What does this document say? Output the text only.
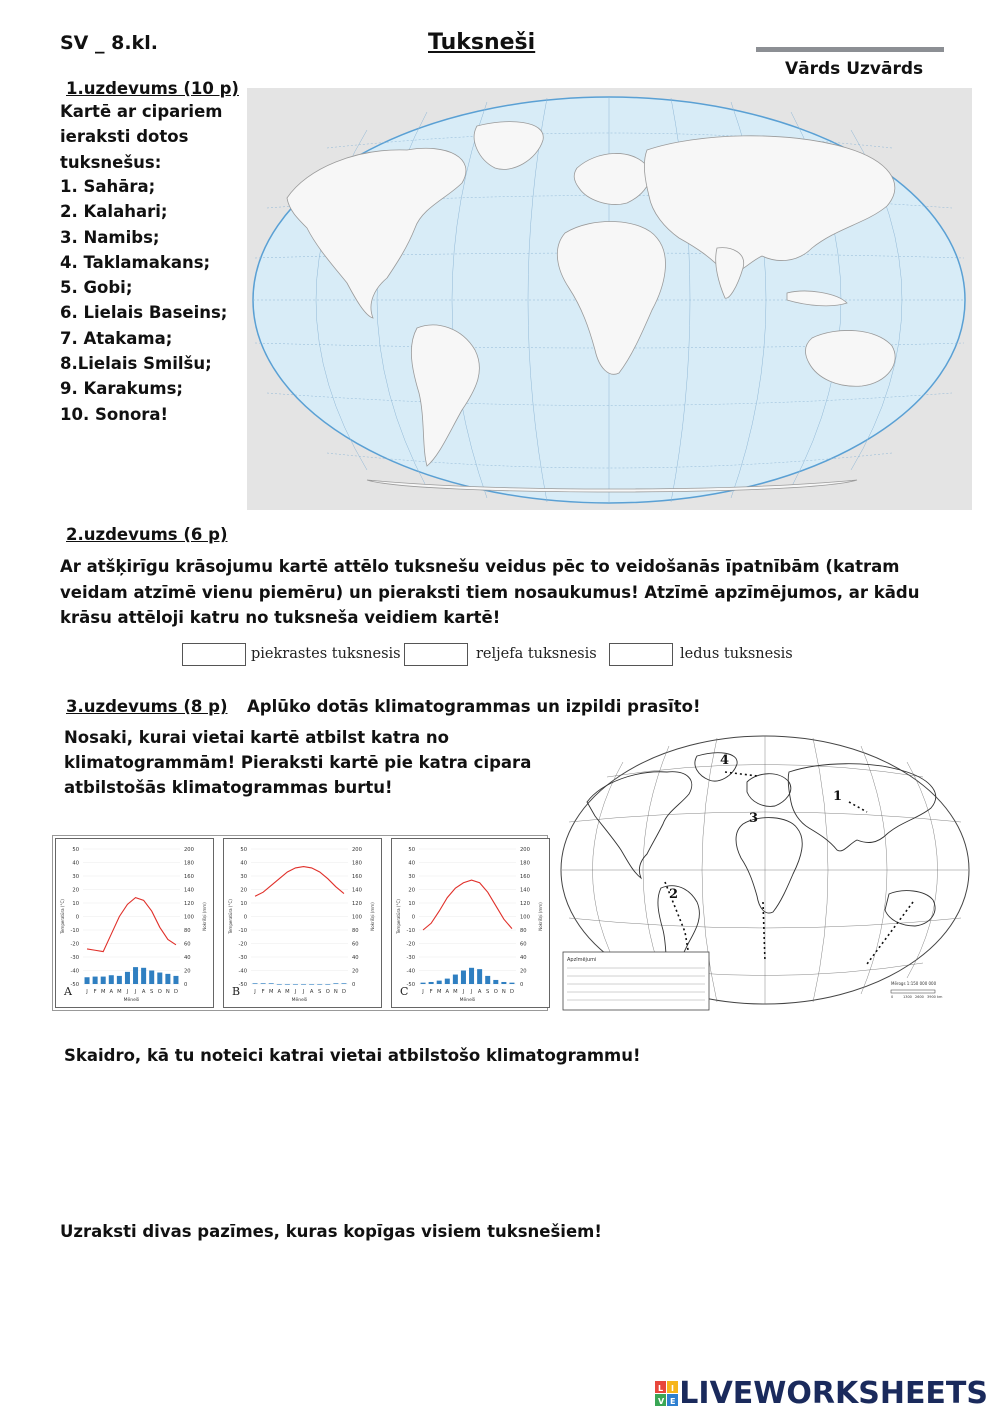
SV _ 8.kl.	Tuksneši
Vārds Uzvārds
1.uzdevums (10 p)
Kartē ar cipariem ieraksti dotos tuksnešus:
1. Sahāra;
2. Kalahari;
3. Namibs;
4. Taklamakans;
5. Gobi;
6. Lielais Baseins;
7. Atakama;
8.Lielais Smilšu;
9. Karakums;
10. Sonora!
2.uzdevums (6 p)
Ar atšķirīgu krāsojumu kartē attēlo tuksnešu veidus pēc to veidošanās īpatnībām (katram veidam atzīmē vienu piemēru) un pieraksti tiem nosaukumus! Atzīmē apzīmējumos, ar kādu krāsu attēloji katru no tuksneša veidiem kartē!
piekrastes tuksnesis	reljefa tuksnesis	ledus tuksnesis
3.uzdevums (8 p) Aplūko dotās klimatogrammas un izpildi prasīto!
Nosaki, kurai vietai kartē atbilst katra no klimatogrammām! Pieraksti kartē pie katra cipara atbilstošās klimatogrammas burtu!
50
40
30
20
10
0
-10
-20
-30
-40
-50
200
180
160
140
120
100
80
60
40
20
0
Temperatūra (°C)	Nokrišņi (mm)
J F M A M J J A S O N D
Mēneši
A
50
40
30
20
10
0
-10
-20
-30
-40
-50
200
180
160
140
120
100
80
60
40
20
0
Temperatūra (°C)	Nokrišņi (mm)
J F M A M J J A S O N D
Mēneši
B
50
40
30
20
10
0
-10
-20
-30
-40
-50
200
180
160
140
120
100
80
60
40
20
0
Temperatūra (°C)	Nokrišņi (mm)
J F M A M J J A S O N D
Mēneši
C
4
1
3
2
Apzīmējumi
Mērogs 1:150 000 000
0	1300 2600 3900 km
Skaidro, kā tu noteici katrai vietai atbilstošo klimatogrammu!
Uzraksti divas pazīmes, kuras kopīgas visiem tuksnešiem!
L I
V E LIVEWORKSHEETS
